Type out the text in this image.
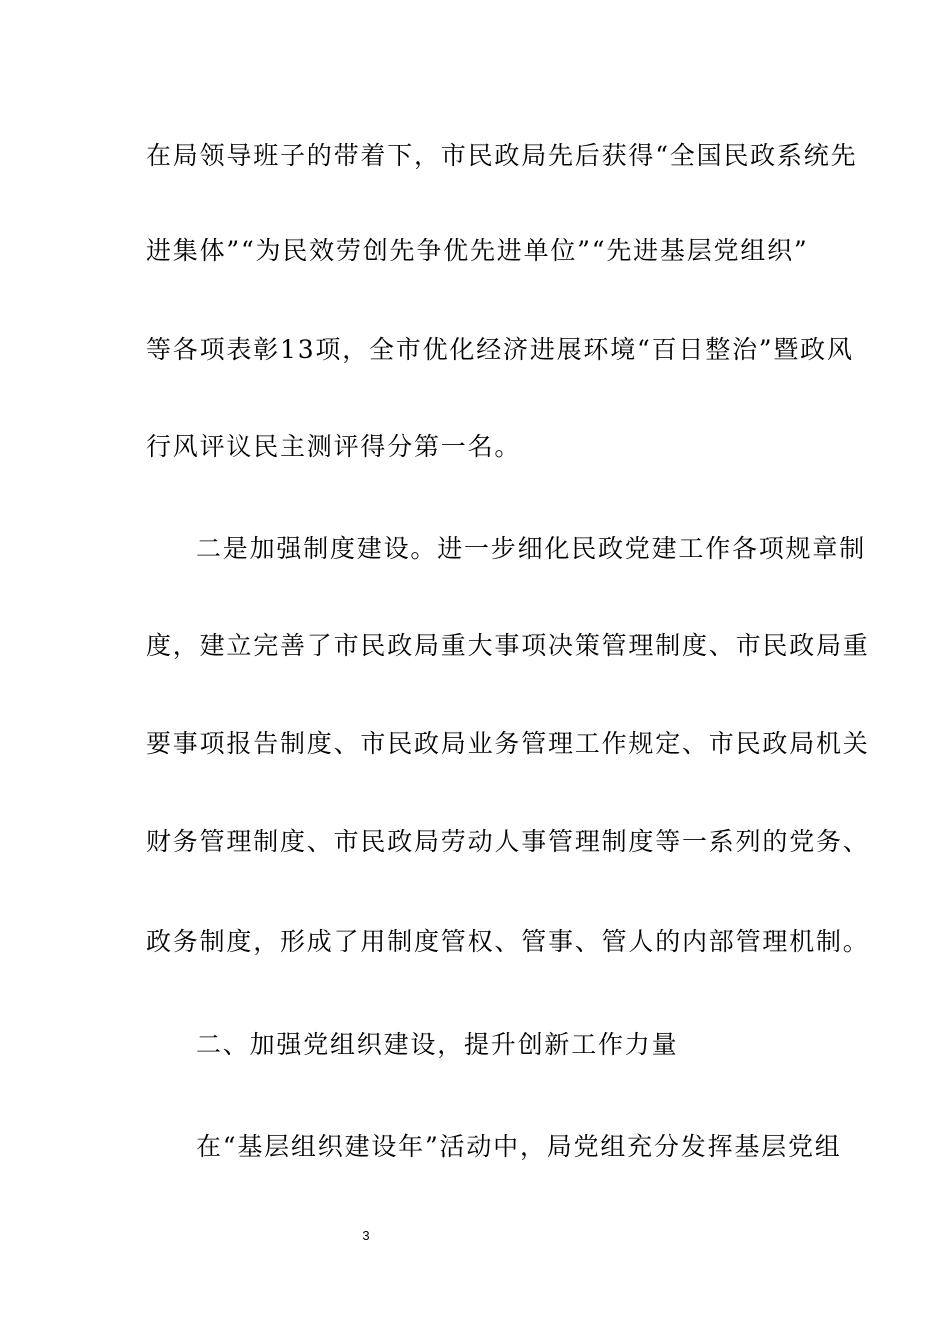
在局领导班子的带着下，市民政局先后获得“全国民政系统先
进集体”“为民效劳创先争优先进单位”“先进基层党组织”
等各项表彰13项，全市优化经济进展环境“百日整治”暨政风
行风评议民主测评得分第一名。
二是加强制度建设。进一步细化民政党建工作各项规章制
度，建立完善了市民政局重大事项决策管理制度、市民政局重
要事项报告制度、市民政局业务管理工作规定、市民政局机关
财务管理制度、市民政局劳动人事管理制度等一系列的党务、
政务制度，形成了用制度管权、管事、管人的内部管理机制。
二、加强党组织建设，提升创新工作力量
在“基层组织建设年”活动中，局党组充分发挥基层党组
3
